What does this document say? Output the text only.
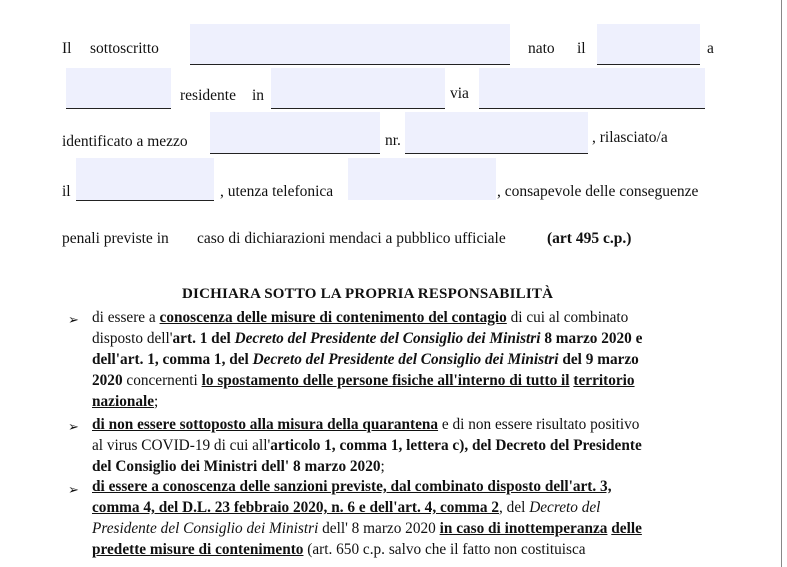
Il sottoscritto	nato il	a
residente in	via
identificato a mezzo	nr.	, rilasciato/a
il	, utenza telefonica	, consapevole delle conseguenze
penali previste in caso di dichiarazioni mendaci a pubblico ufficiale	(art 495 c.p.)
DICHIARA SOTTO LA PROPRIA RESPONSABILITÀ
➢ di essere a conoscenza delle misure di contenimento del contagio di cui al combinato
disposto dell'art. 1 del Decreto del Presidente del Consiglio dei Ministri 8 marzo 2020 e
dell'art. 1, comma 1, del Decreto del Presidente del Consiglio dei Ministri del 9 marzo
2020 concernenti lo spostamento delle persone fisiche all'interno di tutto il territorio
nazionale;
➢ di non essere sottoposto alla misura della quarantena e di non essere risultato positivo
al virus COVID-19 di cui all'articolo 1, comma 1, lettera c), del Decreto del Presidente
del Consiglio dei Ministri dell' 8 marzo 2020;
➢ di essere a conoscenza delle sanzioni previste, dal combinato disposto dell'art. 3,
comma 4, del D.L. 23 febbraio 2020, n. 6 e dell'art. 4, comma 2, del Decreto del
Presidente del Consiglio dei Ministri dell' 8 marzo 2020 in caso di inottemperanza delle
predette misure di contenimento (art. 650 c.p. salvo che il fatto non costituisca
